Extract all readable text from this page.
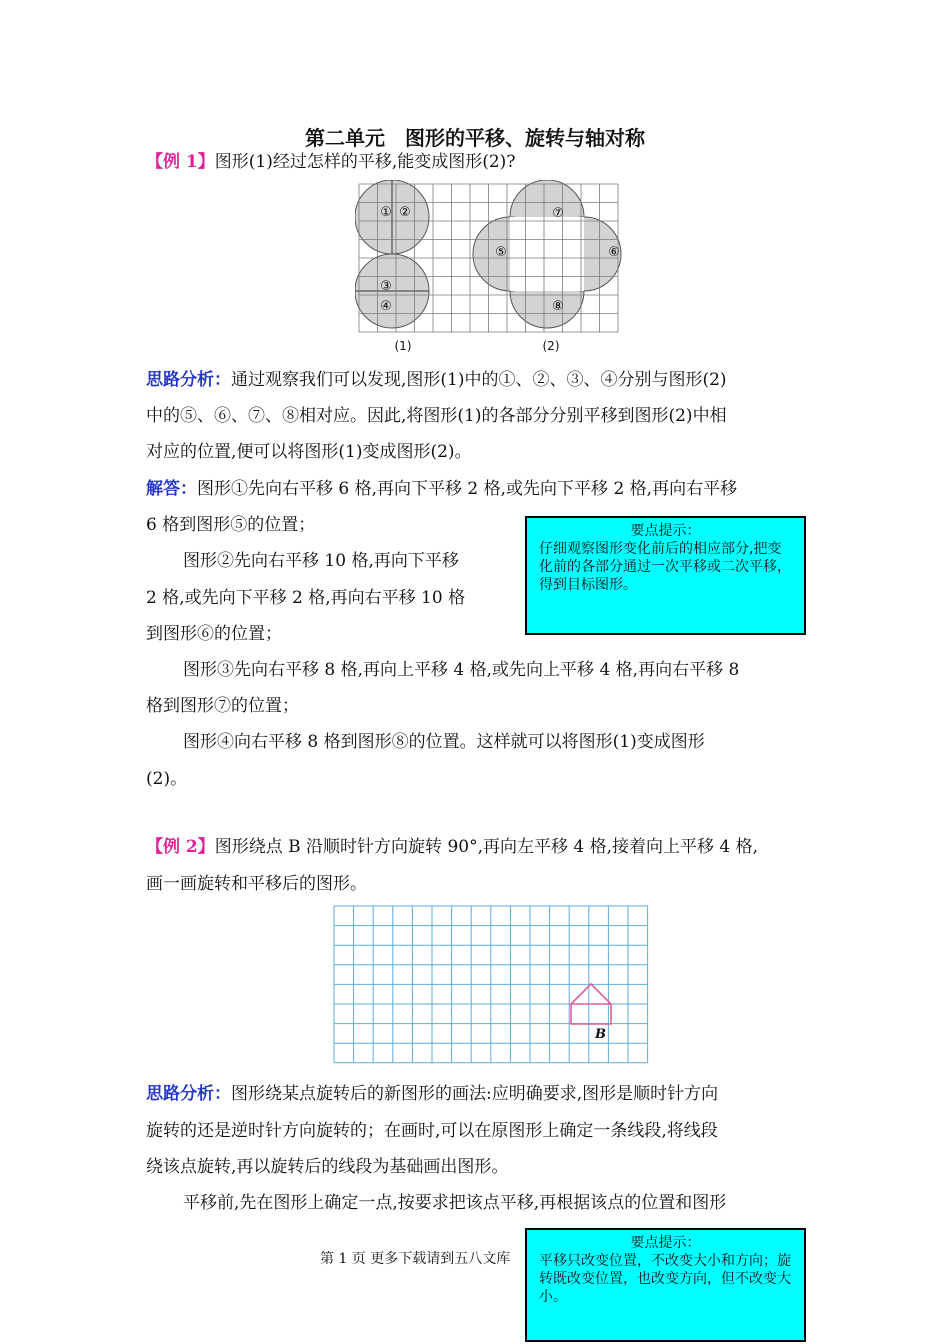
第二单元　图形的平移、旋转与轴对称
【例 1】图形(1)经过怎样的平移,能变成图形(2)?
① ②
③
④
⑤	⑥
⑦
⑧
(1)	(2)
思路分析：通过观察我们可以发现,图形(1)中的①、②、③、④分别与图形(2)
中的⑤、⑥、⑦、⑧相对应。因此,将图形(1)的各部分分别平移到图形(2)中相
对应的位置,便可以将图形(1)变成图形(2)。
解答：图形①先向右平移 6 格,再向下平移 2 格,或先向下平移 2 格,再向右平移
6 格到图形⑤的位置；
图形②先向右平移 10 格,再向下平移
2 格,或先向下平移 2 格,再向右平移 10 格
到图形⑥的位置；
图形③先向右平移 8 格,再向上平移 4 格,或先向上平移 4 格,再向右平移 8
格到图形⑦的位置；
图形④向右平移 8 格到图形⑧的位置。这样就可以将图形(1)变成图形
(2)。
要点提示：
仔细观察图形变化前后的相应部分,把变化前的各部分通过一次平移或二次平移，得到目标图形。
【例 2】图形绕点 B 沿顺时针方向旋转 90°,再向左平移 4 格,接着向上平移 4 格,
画一画旋转和平移后的图形。
B
思路分析：图形绕某点旋转后的新图形的画法:应明确要求,图形是顺时针方向
旋转的还是逆时针方向旋转的；在画时,可以在原图形上确定一条线段,将线段
绕该点旋转,再以旋转后的线段为基础画出图形。
平移前,先在图形上确定一点,按要求把该点平移,再根据该点的位置和图形
第 1 页 更多下载请到五八文库
要点提示：
平移只改变位置，不改变大小和方向；旋转既改变位置，也改变方向，但不改变大小。
